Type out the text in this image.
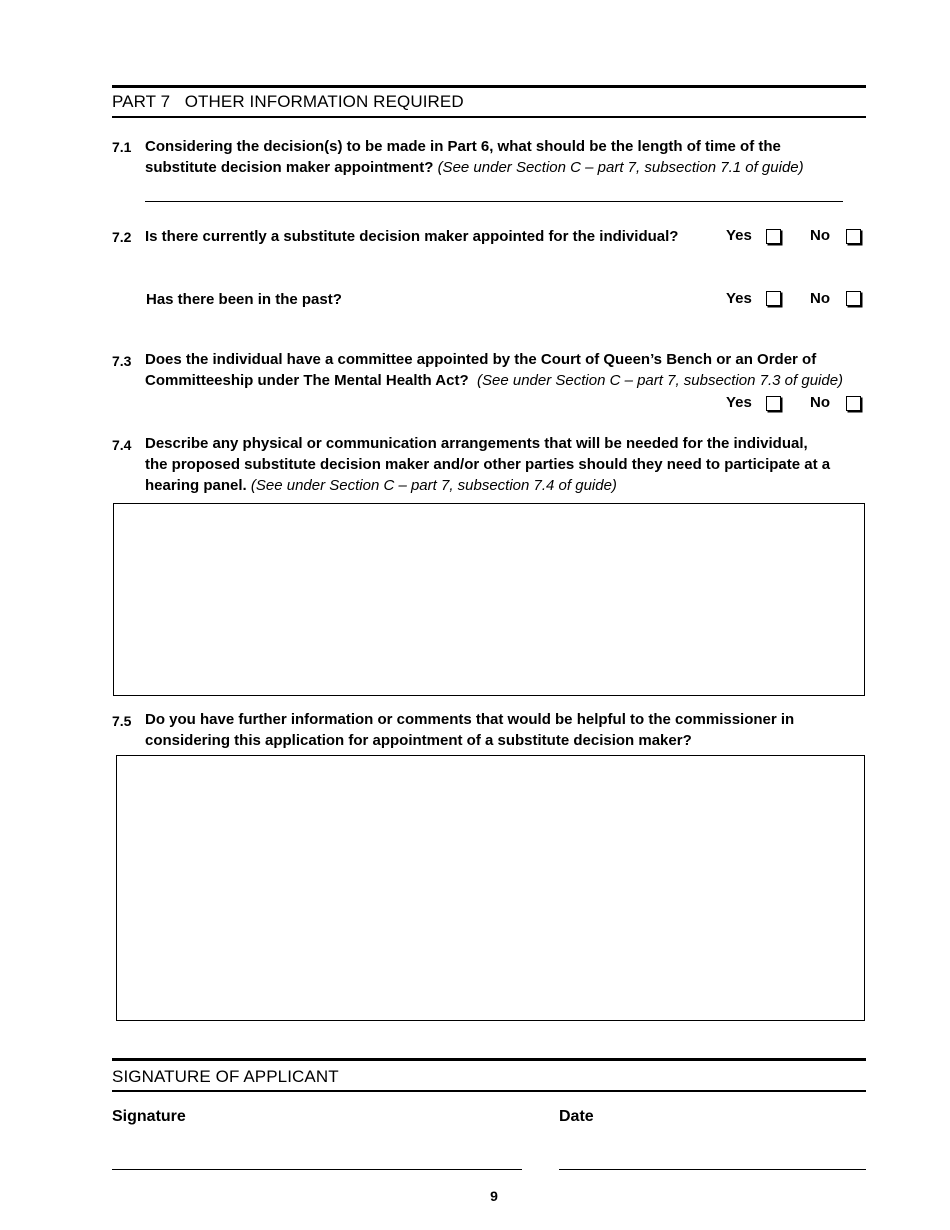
PART 7   OTHER INFORMATION REQUIRED
7.1 Considering the decision(s) to be made in Part 6, what should be the length of time of the
substitute decision maker appointment? (See under Section C – part 7, subsection 7.1 of guide)
7.2 Is there currently a substitute decision maker appointed for the individual?	Yes	No
Has there been in the past?	Yes	No
7.3 Does the individual have a committee appointed by the Court of Queen’s Bench or an Order of
Committeeship under The Mental Health Act? (See under Section C – part 7, subsection 7.3 of guide)
Yes	No
7.4 Describe any physical or communication arrangements that will be needed for the individual,
the proposed substitute decision maker and/or other parties should they need to participate at a
hearing panel. (See under Section C – part 7, subsection 7.4 of guide)
7.5 Do you have further information or comments that would be helpful to the commissioner in
considering this application for appointment of a substitute decision maker?
SIGNATURE OF APPLICANT
Signature	Date
9
